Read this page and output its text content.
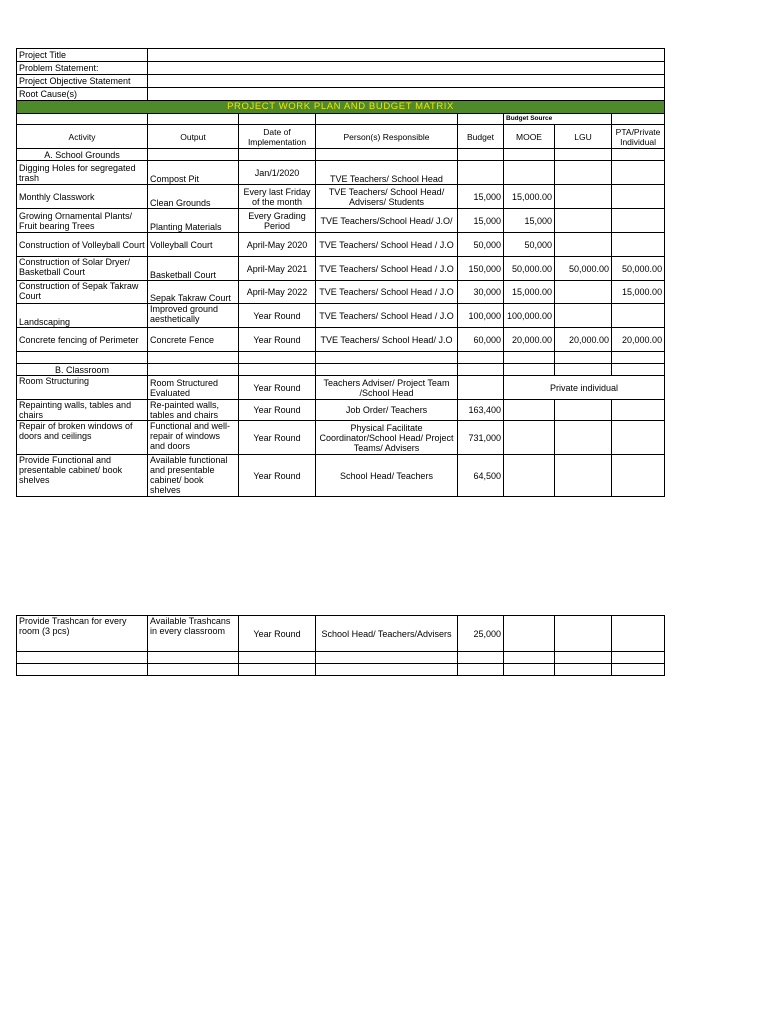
Project Title							
Problem Statement:							
Project Objective Statement							
Root Cause(s)							
PROJECT WORK PLAN AND BUDGET MATRIX							
					Budget Source		
Activity	Output	Date of Implementation	Person(s) Responsible	Budget	MOOE	LGU	PTA/Private Individual
A. School Grounds							
Digging Holes for segregated trash	Compost Pit	Jan/1/2020	TVE Teachers/ School Head				
Monthly Classwork	Clean Grounds	Every last Friday of the month	TVE Teachers/ School Head/ Advisers/ Students	15,000	15,000.00		
Growing Ornamental Plants/ Fruit bearing Trees	Planting Materials	Every Grading Period	TVE Teachers/School Head/ J.O/	15,000	15,000		
Construction of Volleyball Court	Volleyball Court	April-May 2020	TVE Teachers/ School Head / J.O	50,000	50,000		
Construction of Solar Dryer/ Basketball Court	Basketball Court	April-May 2021	TVE Teachers/ School Head / J.O	150,000	50,000.00	50,000.00	50,000.00
Construction of Sepak Takraw Court	Sepak Takraw Court	April-May 2022	TVE Teachers/ School Head / J.O	30,000	15,000.00		15,000.00
Landscaping	Improved ground aesthetically	Year Round	TVE Teachers/ School Head / J.O	100,000	100,000.00		
Concrete fencing of Perimeter	Concrete Fence	Year Round	TVE Teachers/ School Head/ J.O	60,000	20,000.00	20,000.00	20,000.00

B. Classroom							
Room Structuring	Room Structured Evaluated	Year Round	Teachers Adviser/ Project Team /School Head		Private individual		
Repainting walls, tables and chairs	Re-painted walls, tables and chairs	Year Round	Job Order/ Teachers	163,400			
Repair of broken windows of doors and ceilings	Functional and well-repair of windows and doors	Year Round	Physical Facilitate Coordinator/School Head/ Project Teams/ Advisers	731,000			
Provide Functional and presentable cabinet/ book shelves	Available functional and presentable cabinet/ book shelves	Year Round	School Head/ Teachers	64,500			

Provide Trashcan for every room (3 pcs)	Available Trashcans in every classroom	Year Round	School Head/ Teachers/Advisers	25,000			
